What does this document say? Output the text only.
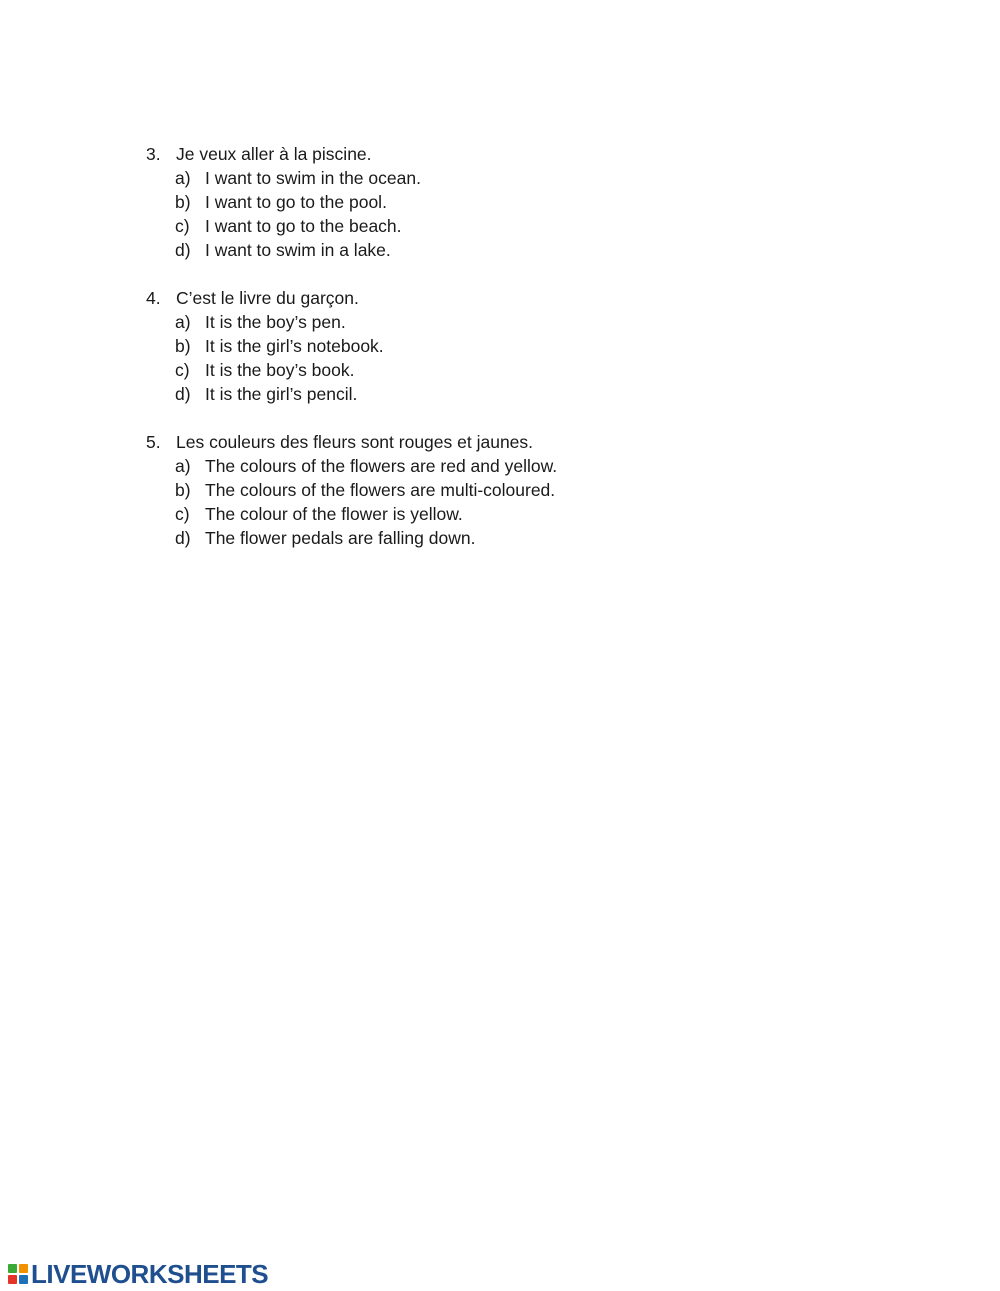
3. Je veux aller à la piscine.
a) I want to swim in the ocean.
b) I want to go to the pool.
c) I want to go to the beach.
d) I want to swim in a lake.
4. C’est le livre du garçon.
a) It is the boy’s pen.
b) It is the girl’s notebook.
c) It is the boy’s book.
d) It is the girl’s pencil.
5. Les couleurs des fleurs sont rouges et jaunes.
a) The colours of the flowers are red and yellow.
b) The colours of the flowers are multi-coloured.
c) The colour of the flower is yellow.
d) The flower pedals are falling down.
LIVEWORKSHEETS
